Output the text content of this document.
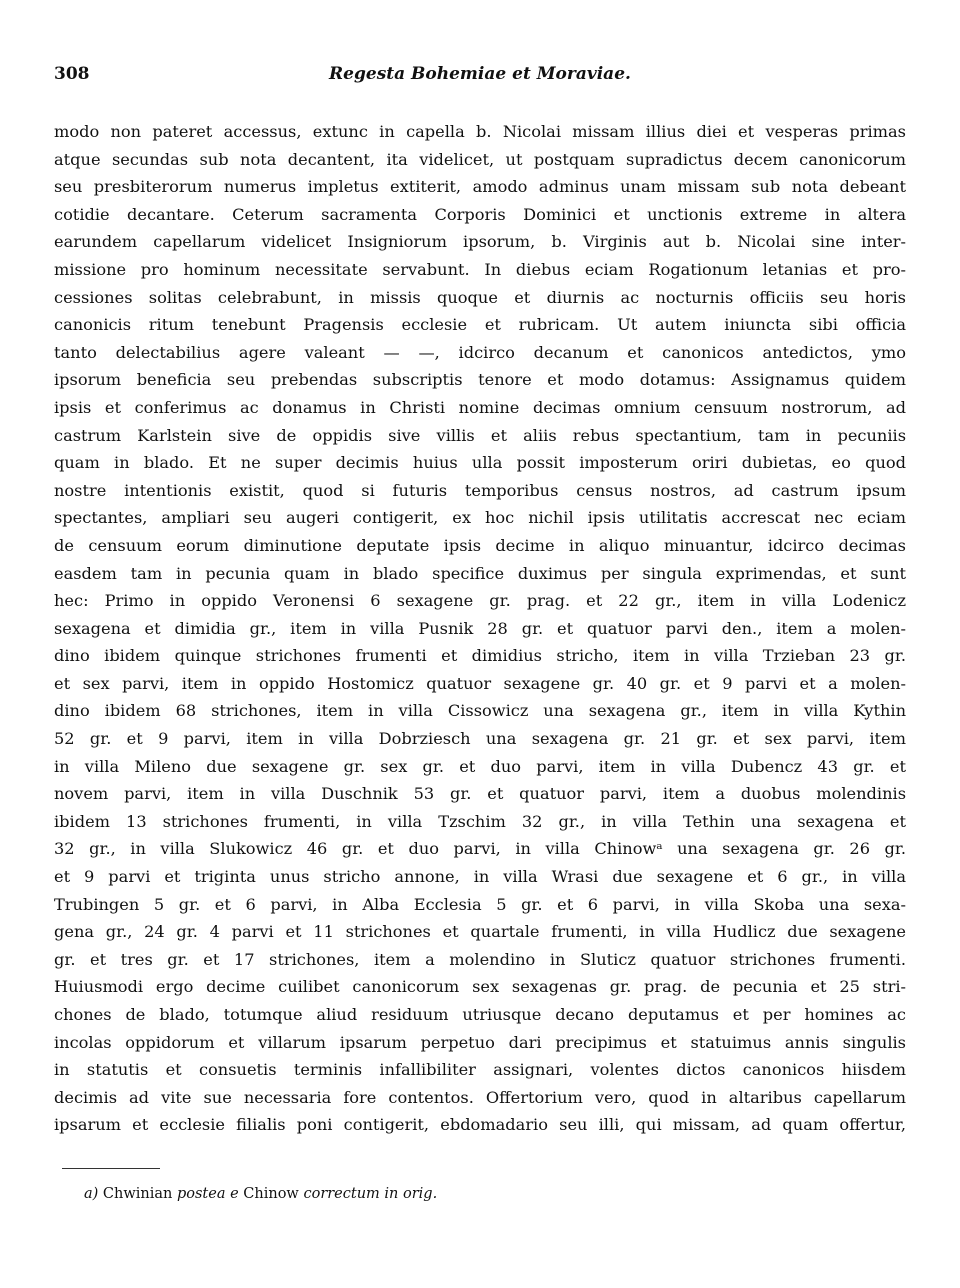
308	Regesta Bohemiae et Moraviae.
modo non pateret accessus, extunc in capella b. Nicolai missam illius diei et vesperas primas
atque secundas sub nota decantent, ita videlicet, ut postquam supradictus decem canonicorum
seu presbiterorum numerus impletus extiterit, amodo adminus unam missam sub nota debeant
cotidie decantare. Ceterum sacramenta Corporis Dominici et unctionis extreme in altera
earundem capellarum videlicet Insigniorum ipsorum, b. Virginis aut b. Nicolai sine inter-
missione pro hominum necessitate servabunt. In diebus eciam Rogationum letanias et pro-
cessiones solitas celebrabunt, in missis quoque et diurnis ac nocturnis officiis seu horis
canonicis ritum tenebunt Pragensis ecclesie et rubricam. Ut autem iniuncta sibi officia
tanto delectabilius agere valeant — —, idcirco decanum et canonicos antedictos, ymo
ipsorum beneficia seu prebendas subscriptis tenore et modo dotamus: Assignamus quidem
ipsis et conferimus ac donamus in Christi nomine decimas omnium censuum nostrorum, ad
castrum Karlstein sive de oppidis sive villis et aliis rebus spectantium, tam in pecuniis
quam in blado. Et ne super decimis huius ulla possit imposterum oriri dubietas, eo quod
nostre intentionis existit, quod si futuris temporibus census nostros, ad castrum ipsum
spectantes, ampliari seu augeri contigerit, ex hoc nichil ipsis utilitatis accrescat nec eciam
de censuum eorum diminutione deputate ipsis decime in aliquo minuantur, idcirco decimas
easdem tam in pecunia quam in blado specifice duximus per singula exprimendas, et sunt
hec: Primo in oppido Veronensi 6 sexagene gr. prag. et 22 gr., item in villa Lodenicz
sexagena et dimidia gr., item in villa Pusnik 28 gr. et quatuor parvi den., item a molen-
dino ibidem quinque strichones frumenti et dimidius stricho, item in villa Trzieban 23 gr.
et sex parvi, item in oppido Hostomicz quatuor sexagene gr. 40 gr. et 9 parvi et a molen-
dino ibidem 68 strichones, item in villa Cissowicz una sexagena gr., item in villa Kythin
52 gr. et 9 parvi, item in villa Dobrziesch una sexagena gr. 21 gr. et sex parvi, item
in villa Mileno due sexagene gr. sex gr. et duo parvi, item in villa Dubencz 43 gr. et
novem parvi, item in villa Duschnik 53 gr. et quatuor parvi, item a duobus molendinis
ibidem 13 strichones frumenti, in villa Tzschim 32 gr., in villa Tethin una sexagena et
32 gr., in villa Slukowicz 46 gr. et duo parvi, in villa Chinowᵃ una sexagena gr. 26 gr.
et 9 parvi et triginta unus stricho annone, in villa Wrasi due sexagene et 6 gr., in villa
Trubingen 5 gr. et 6 parvi, in Alba Ecclesia 5 gr. et 6 parvi, in villa Skoba una sexa-
gena gr., 24 gr. 4 parvi et 11 strichones et quartale frumenti, in villa Hudlicz due sexagene
gr. et tres gr. et 17 strichones, item a molendino in Sluticz quatuor strichones frumenti.
Huiusmodi ergo decime cuilibet canonicorum sex sexagenas gr. prag. de pecunia et 25 stri-
chones de blado, totumque aliud residuum utriusque decano deputamus et per homines ac
incolas oppidorum et villarum ipsarum perpetuo dari precipimus et statuimus annis singulis
in statutis et consuetis terminis infallibiliter assignari, volentes dictos canonicos hiisdem
decimis ad vite sue necessaria fore contentos. Offertorium vero, quod in altaribus capellarum
ipsarum et ecclesie filialis poni contigerit, ebdomadario seu illi, qui missam, ad quam offertur,
a) Chwinian postea e Chinow correctum in orig.
